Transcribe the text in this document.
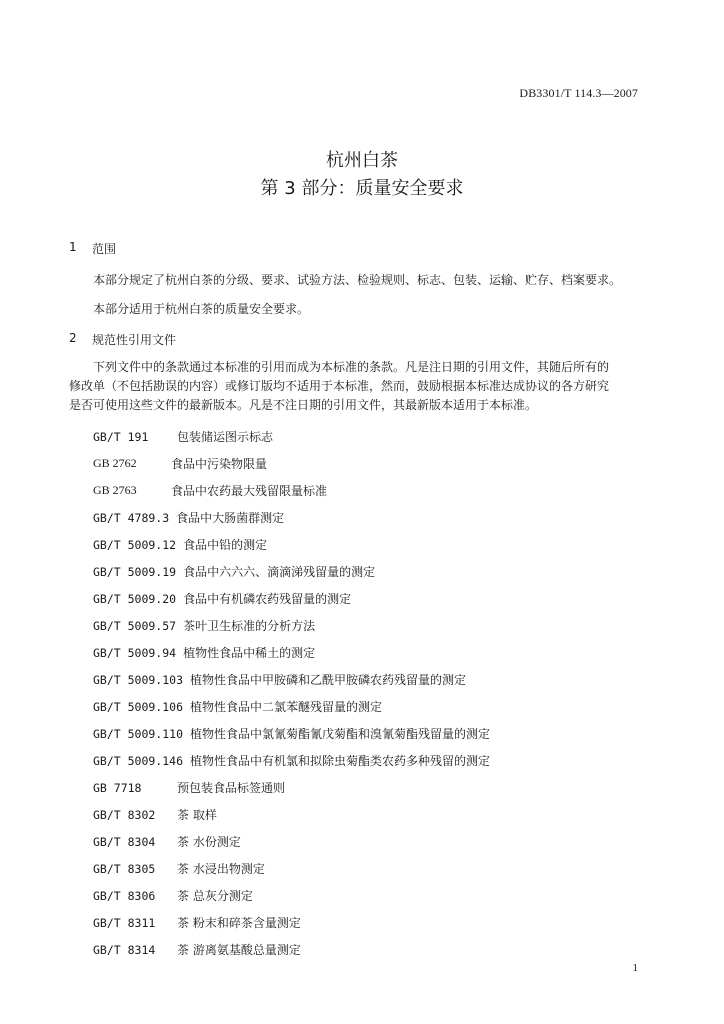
DB3301/T 114.3—2007
杭州白茶
第 3 部分：质量安全要求
1	范围
本部分规定了杭州白茶的分级、要求、试验方法、检验规则、标志、包装、运输、贮存、档案要求。
本部分适用于杭州白茶的质量安全要求。
2	规范性引用文件
下列文件中的条款通过本标准的引用而成为本标准的条款。凡是注日期的引用文件，其随后所有的
修改单（不包括勘误的内容）或修订版均不适用于本标准，然而，鼓励根据本标准达成协议的各方研究
是否可使用这些文件的最新版本。凡是不注日期的引用文件，其最新版本适用于本标准。
GB/T 191	包装储运图示标志
GB 2762	食品中污染物限量
GB 2763	食品中农药最大残留限量标准
GB/T 4789.3 食品中大肠菌群测定
GB/T 5009.12 食品中铅的测定
GB/T 5009.19 食品中六六六、滴滴涕残留量的测定
GB/T 5009.20 食品中有机磷农药残留量的测定
GB/T 5009.57 茶叶卫生标准的分析方法
GB/T 5009.94 植物性食品中稀土的测定
GB/T 5009.103 植物性食品中甲胺磷和乙酰甲胺磷农药残留量的测定
GB/T 5009.106 植物性食品中二氯苯醚残留量的测定
GB/T 5009.110 植物性食品中氯氰菊酯氰戊菊酯和溴氰菊酯残留量的测定
GB/T 5009.146 植物性食品中有机氯和拟除虫菊酯类农药多种残留的测定
GB 7718	预包装食品标签通则
GB/T 8302	茶 取样
GB/T 8304	茶 水份测定
GB/T 8305	茶 水浸出物测定
GB/T 8306	茶 总灰分测定
GB/T 8311	茶 粉末和碎茶含量测定
GB/T 8314	茶 游离氨基酸总量测定
1
